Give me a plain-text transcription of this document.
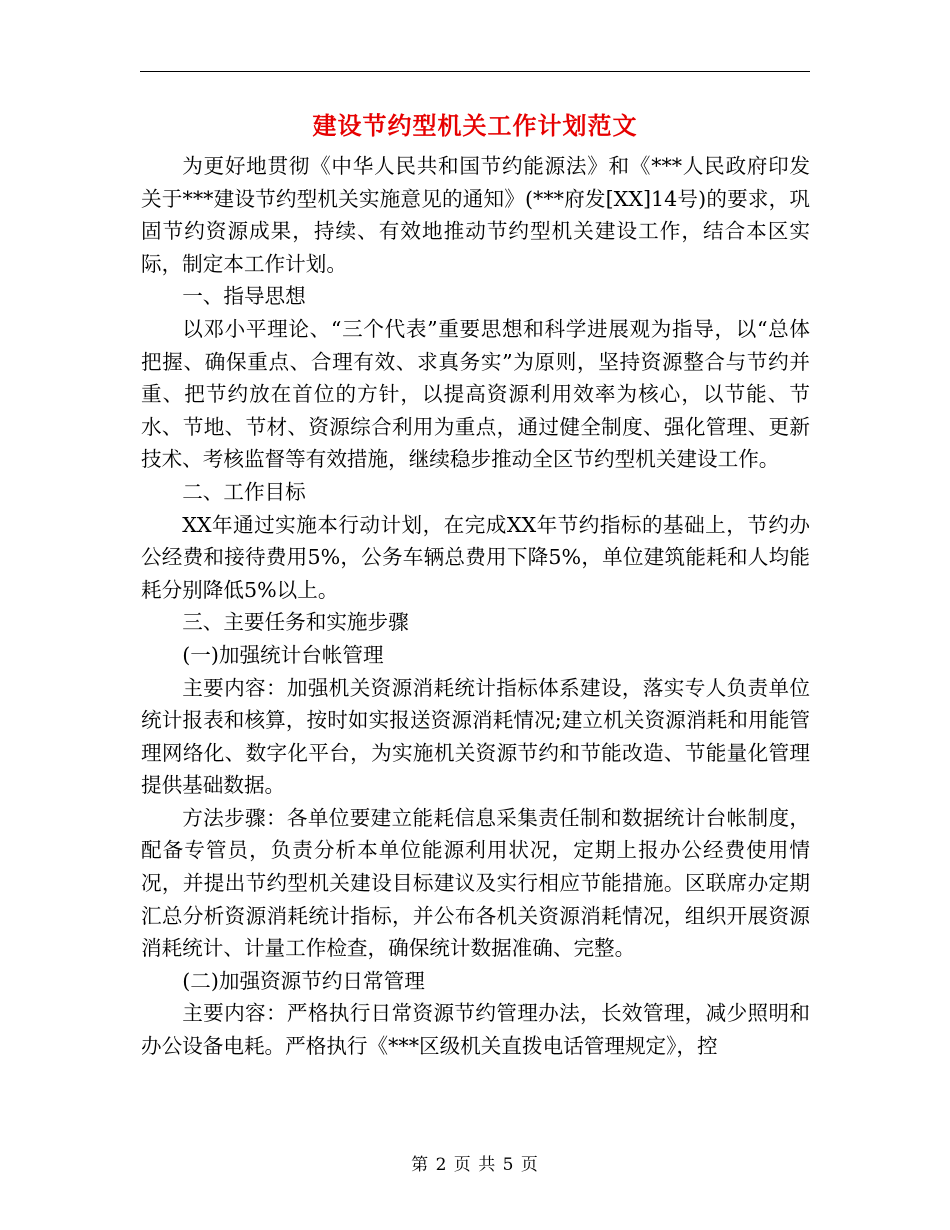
建设节约型机关工作计划范文

为更好地贯彻《中华人民共和国节约能源法》和《***人民政府印发关于***建设节约型机关实施意见的通知》(***府发[XX]14号)的要求，巩固节约资源成果，持续、有效地推动节约型机关建设工作，结合本区实际，制定本工作计划。

一、指导思想

以邓小平理论、“三个代表”重要思想和科学进展观为指导，以“总体把握、确保重点、合理有效、求真务实”为原则，坚持资源整合与节约并重、把节约放在首位的方针，以提高资源利用效率为核心，以节能、节水、节地、节材、资源综合利用为重点，通过健全制度、强化管理、更新技术、考核监督等有效措施，继续稳步推动全区节约型机关建设工作。

二、工作目标

XX年通过实施本行动计划，在完成XX年节约指标的基础上，节约办公经费和接待费用5%，公务车辆总费用下降5%，单位建筑能耗和人均能耗分别降低5%以上。

三、主要任务和实施步骤

(一)加强统计台帐管理

主要内容：加强机关资源消耗统计指标体系建设，落实专人负责单位统计报表和核算，按时如实报送资源消耗情况;建立机关资源消耗和用能管理网络化、数字化平台，为实施机关资源节约和节能改造、节能量化管理提供基础数据。

方法步骤：各单位要建立能耗信息采集责任制和数据统计台帐制度，配备专管员，负责分析本单位能源利用状况，定期上报办公经费使用情况，并提出节约型机关建设目标建议及实行相应节能措施。区联席办定期汇总分析资源消耗统计指标，并公布各机关资源消耗情况，组织开展资源消耗统计、计量工作检查，确保统计数据准确、完整。

(二)加强资源节约日常管理

主要内容：严格执行日常资源节约管理办法，长效管理，减少照明和办公设备电耗。严格执行《***区级机关直拨电话管理规定》，控

第 2 页 共 5 页
